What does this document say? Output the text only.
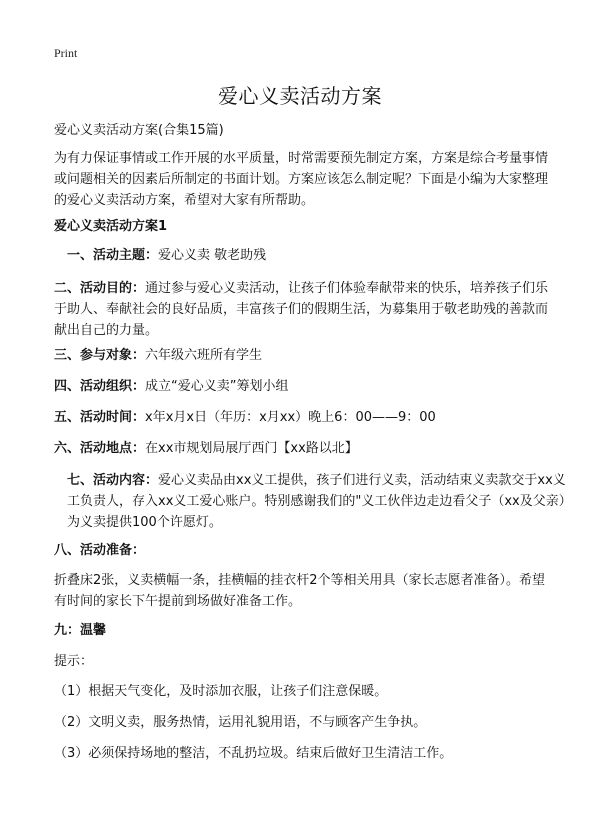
Print
爱心义卖活动方案
爱心义卖活动方案(合集15篇)
为有力保证事情或工作开展的水平质量，时常需要预先制定方案，方案是综合考量事情或问题相关的因素后所制定的书面计划。方案应该怎么制定呢？下面是小编为大家整理的爱心义卖活动方案，希望对大家有所帮助。
爱心义卖活动方案1
一、活动主题：爱心义卖 敬老助残
二、活动目的：通过参与爱心义卖活动，让孩子们体验奉献带来的快乐，培养孩子们乐于助人、奉献社会的良好品质，丰富孩子们的假期生活，为募集用于敬老助残的善款而献出自己的力量。
三、参与对象：六年级六班所有学生
四、活动组织：成立“爱心义卖”筹划小组
五、活动时间：x年x月x日（年历：x月xx）晚上6：00——9：00
六、活动地点：在xx市规划局展厅西门【xx路以北】
七、活动内容：爱心义卖品由xx义工提供，孩子们进行义卖，活动结束义卖款交于xx义工负责人，存入xx义工爱心账户。特别感谢我们的"义工伙伴边走边看父子（xx及父亲）为义卖提供100个许愿灯。
八、活动准备：
折叠床2张，义卖横幅一条，挂横幅的挂衣杆2个等相关用具（家长志愿者准备）。希望有时间的家长下午提前到场做好准备工作。
九：温馨
提示：
（1）根据天气变化，及时添加衣服，让孩子们注意保暖。
（2）文明义卖，服务热情，运用礼貌用语，不与顾客产生争执。
（3）必须保持场地的整洁，不乱扔垃圾。结束后做好卫生清洁工作。
